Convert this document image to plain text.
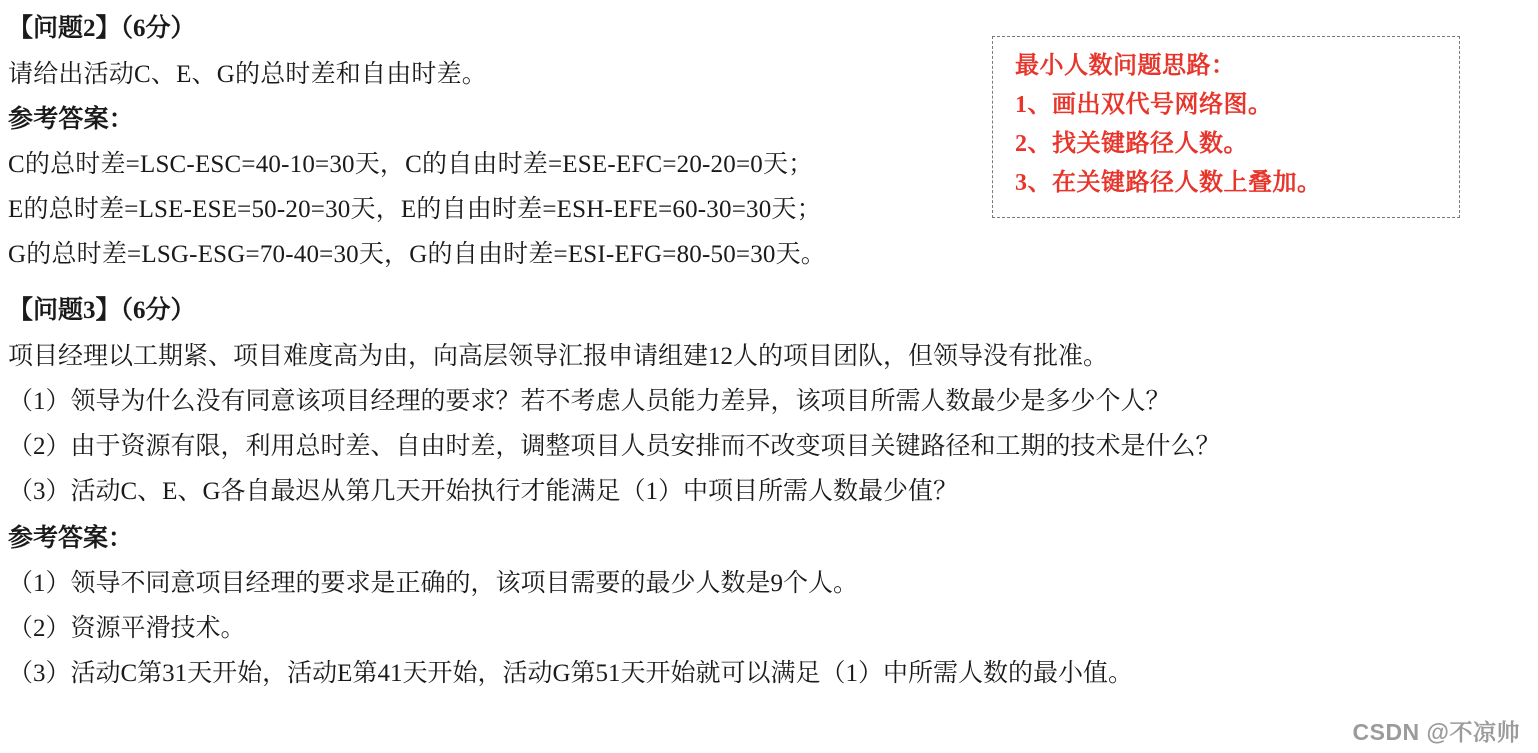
【问题2】（6分）
请给出活动C、E、G的总时差和自由时差。
参考答案：
C的总时差=LSC-ESC=40-10=30天，C的自由时差=ESE-EFC=20-20=0天；
E的总时差=LSE-ESE=50-20=30天，E的自由时差=ESH-EFE=60-30=30天；
G的总时差=LSG-ESG=70-40=30天，G的自由时差=ESI-EFG=80-50=30天。
最小人数问题思路：
1、画出双代号网络图。
2、找关键路径人数。
3、在关键路径人数上叠加。
【问题3】（6分）
项目经理以工期紧、项目难度高为由，向高层领导汇报申请组建12人的项目团队，但领导没有批准。
（1）领导为什么没有同意该项目经理的要求？若不考虑人员能力差异，该项目所需人数最少是多少个人？
（2）由于资源有限，利用总时差、自由时差，调整项目人员安排而不改变项目关键路径和工期的技术是什么？
（3）活动C、E、G各自最迟从第几天开始执行才能满足（1）中项目所需人数最少值？
参考答案：
（1）领导不同意项目经理的要求是正确的，该项目需要的最少人数是9个人。
（2）资源平滑技术。
（3）活动C第31天开始，活动E第41天开始，活动G第51天开始就可以满足（1）中所需人数的最小值。
CSDN @不凉帅
